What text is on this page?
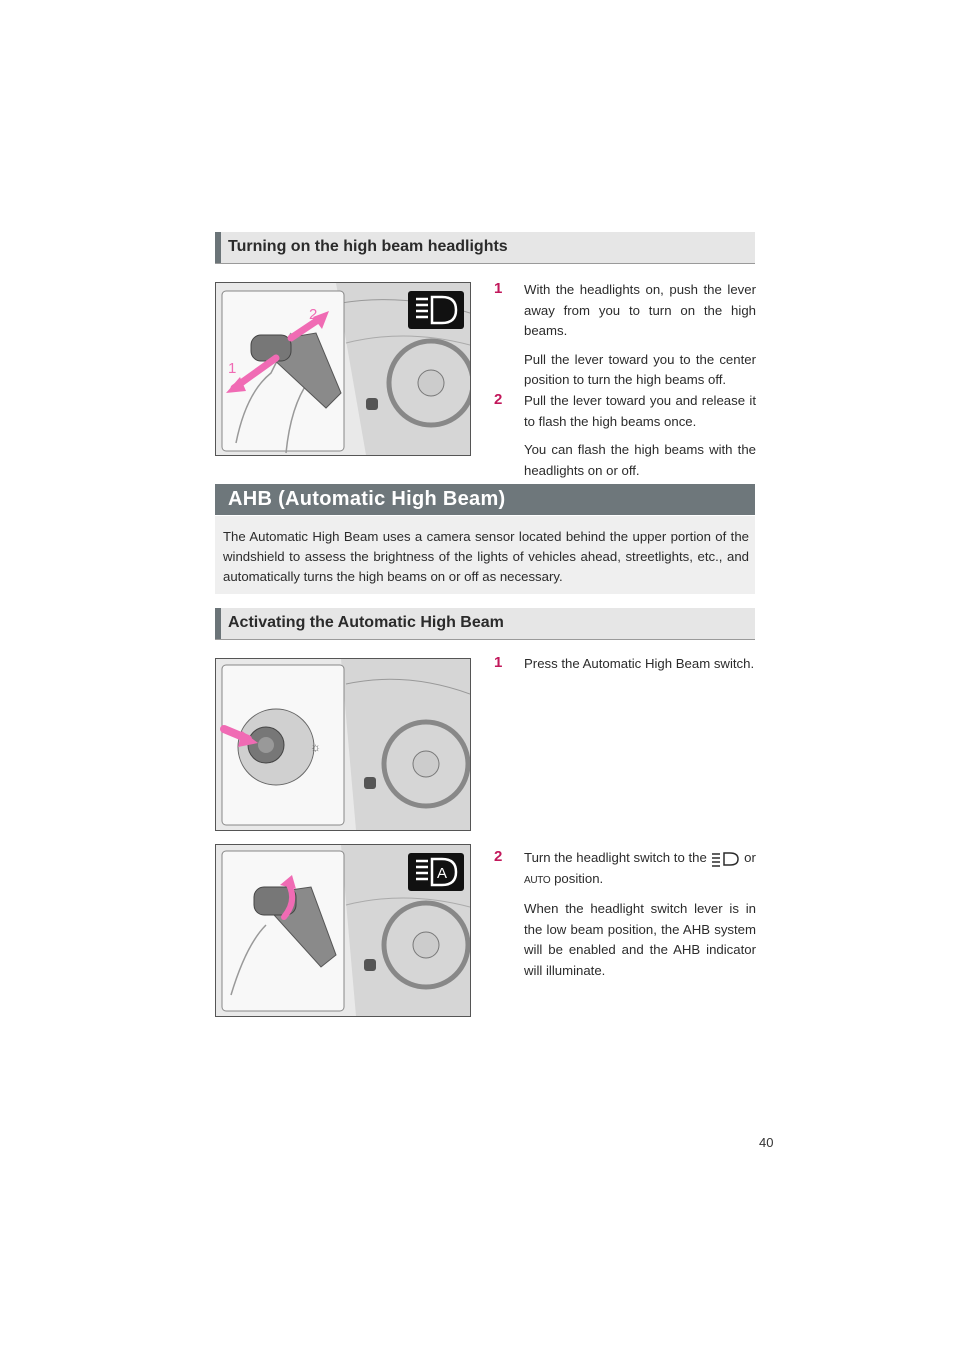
Turning on the high beam headlights
1
2
1 With the headlights on, push the lever away from you to turn on the high beams.

Pull the lever toward you to the center position to turn the high beams off.

2 Pull the lever toward you and release it to flash the high beams once.

You can flash the high beams with the headlights on or off.

AHB (Automatic High Beam)

The Automatic High Beam uses a camera sensor located behind the upper portion of the windshield to assess the brightness of the lights of vehicles ahead, streetlights, etc., and automatically turns the high beams on or off as necessary.

Activating the Automatic High Beam
☼
1 Press the Automatic High Beam switch.

A
2 Turn the headlight switch to the	or
AUTO position.

When the headlight switch lever is in the low beam position, the AHB system will be enabled and the AHB indicator will illuminate.

40
